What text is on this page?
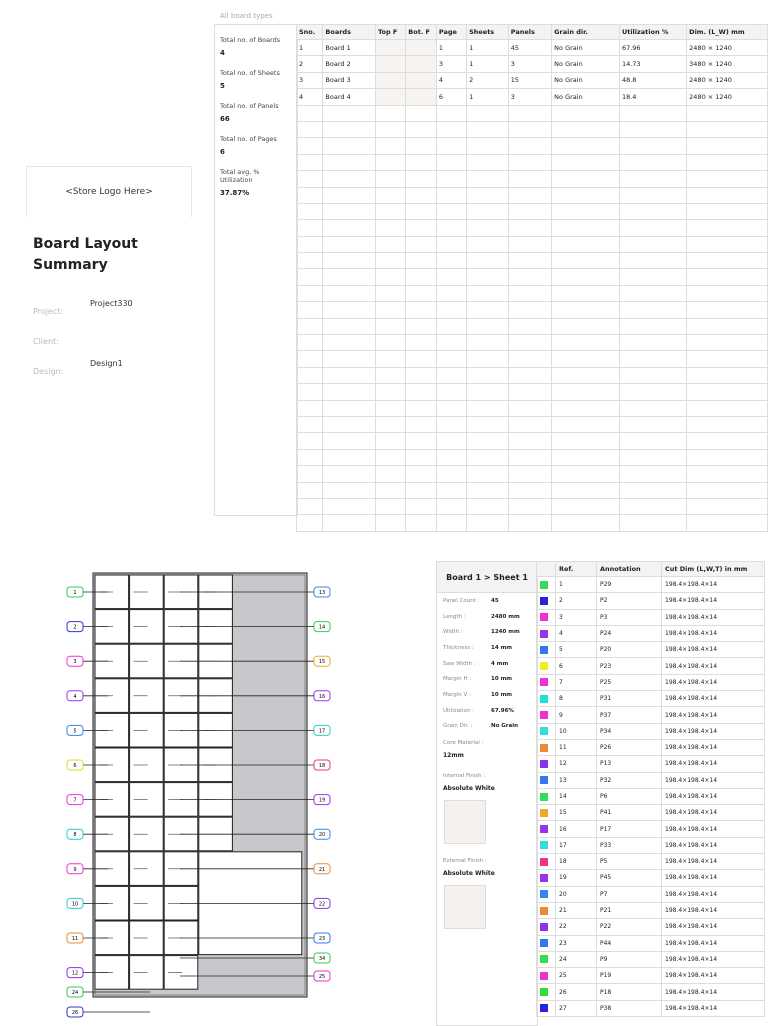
<Store Logo Here>
Board Layout Summary
Project:
Project330
Client:
Design:
Design1
All board types
Total no. of Boards
4
Total no. of Sheets
5
Total no. of Panels
66
Total no. of Pages
6
Total avg. % Utilization
37.87%
Sno.	Boards	Top F	Bot. F	Page	Sheets	Panels	Grain dir.	Utilization %	Dim. (L_W) mm
1	Board 1			1	1	45	No Grain	67.96	2480 × 1240
2	Board 2			3	1	3	No Grain	14.73	3480 × 1240
3	Board 3			4	2	15	No Grain	48.8	2480 × 1240
4	Board 4			6	1	3	No Grain	18.4	2480 × 1240

1
2
3
4
5
6
7
8
9
10
11
12
24
26
13
14
15
16
17
18
19
20
21
22
23
34
25
Board 1 > Sheet 1
Panel Count :	45
Length :	2480 mm
Width :	1240 mm
Thickness :	14 mm
Saw Width :	4 mm
Margin H :	10 mm
Margin V :	10 mm
Utilization :	67.96%
Grain Dir. :	No Grain
Core Material :
12mm
Internal Finish :
Absolute White
External Finish :
Absolute White
	Ref.	Annotation	Cut Dim (L,W,T) in mm
	1	P29	198.4×198.4×14
	2	P2	198.4×198.4×14
	3	P3	198.4×198.4×14
	4	P24	198.4×198.4×14
	5	P20	198.4×198.4×14
	6	P23	198.4×198.4×14
	7	P25	198.4×198.4×14
	8	P31	198.4×198.4×14
	9	P37	198.4×198.4×14
	10	P34	198.4×198.4×14
	11	P26	198.4×198.4×14
	12	P13	198.4×198.4×14
	13	P32	198.4×198.4×14
	14	P6	198.4×198.4×14
	15	P41	198.4×198.4×14
	16	P17	198.4×198.4×14
	17	P33	198.4×198.4×14
	18	P5	198.4×198.4×14
	19	P45	198.4×198.4×14
	20	P7	198.4×198.4×14
	21	P21	198.4×198.4×14
	22	P22	198.4×198.4×14
	23	P44	198.4×198.4×14
	24	P9	198.4×198.4×14
	25	P19	198.4×198.4×14
	26	P18	198.4×198.4×14
	27	P38	198.4×198.4×14
